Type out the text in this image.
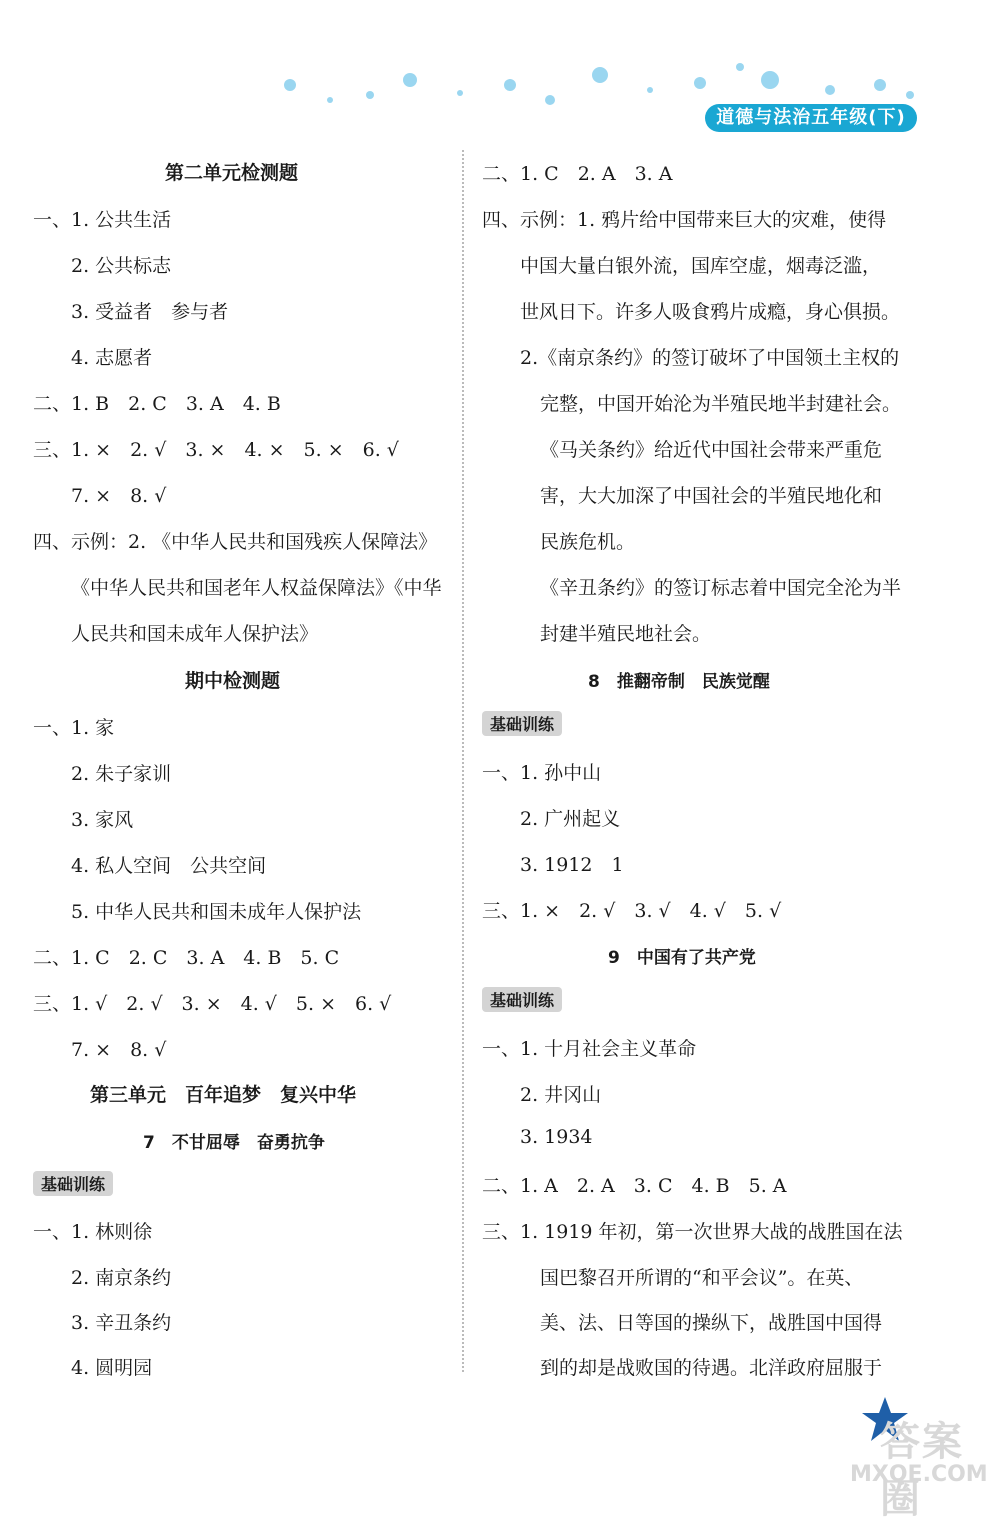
道德与法治五年级(下)
第二单元检测题
一、1. 公共生活
2. 公共标志
3. 受益者　参与者
4. 志愿者
二、1. B　2. C　3. A　4. B
三、1. ×　2. √　3. ×　4. ×　5. ×　6. √
7. ×　8. √
四、示例：2. 《中华人民共和国残疾人保障法》
《中华人民共和国老年人权益保障法》《中华
人民共和国未成年人保护法》
期中检测题
一、1. 家
2. 朱子家训
3. 家风
4. 私人空间　公共空间
5. 中华人民共和国未成年人保护法
二、1. C　2. C　3. A　4. B　5. C
三、1. √　2. √　3. ×　4. √　5. ×　6. √
7. ×　8. √
第三单元　百年追梦　复兴中华
7　不甘屈辱　奋勇抗争
基础训练
一、1. 林则徐
2. 南京条约
3. 辛丑条约
4. 圆明园
二、1. C　2. A　3. A
四、示例：1. 鸦片给中国带来巨大的灾难，使得
中国大量白银外流，国库空虚，烟毒泛滥，
世风日下。许多人吸食鸦片成瘾，身心俱损。
2.《南京条约》的签订破坏了中国领土主权的
完整，中国开始沦为半殖民地半封建社会。
《马关条约》给近代中国社会带来严重危
害，大大加深了中国社会的半殖民地化和
民族危机。
《辛丑条约》的签订标志着中国完全沦为半
封建半殖民地社会。
8　推翻帝制　民族觉醒
基础训练
一、1. 孙中山
2. 广州起义
3. 1912　1
三、1. ×　2. √　3. √　4. √　5. √
9　中国有了共产党
基础训练
一、1. 十月社会主义革命
2. 井冈山
3. 1934
二、1. A　2. A　3. C　4. B　5. A
三、1. 1919 年初，第一次世界大战的战胜国在法
国巴黎召开所谓的“和平会议”。在英、
美、法、日等国的操纵下，战胜国中国得
到的却是战败国的待遇。北洋政府屈服于
答案圈
MXQE.COM
